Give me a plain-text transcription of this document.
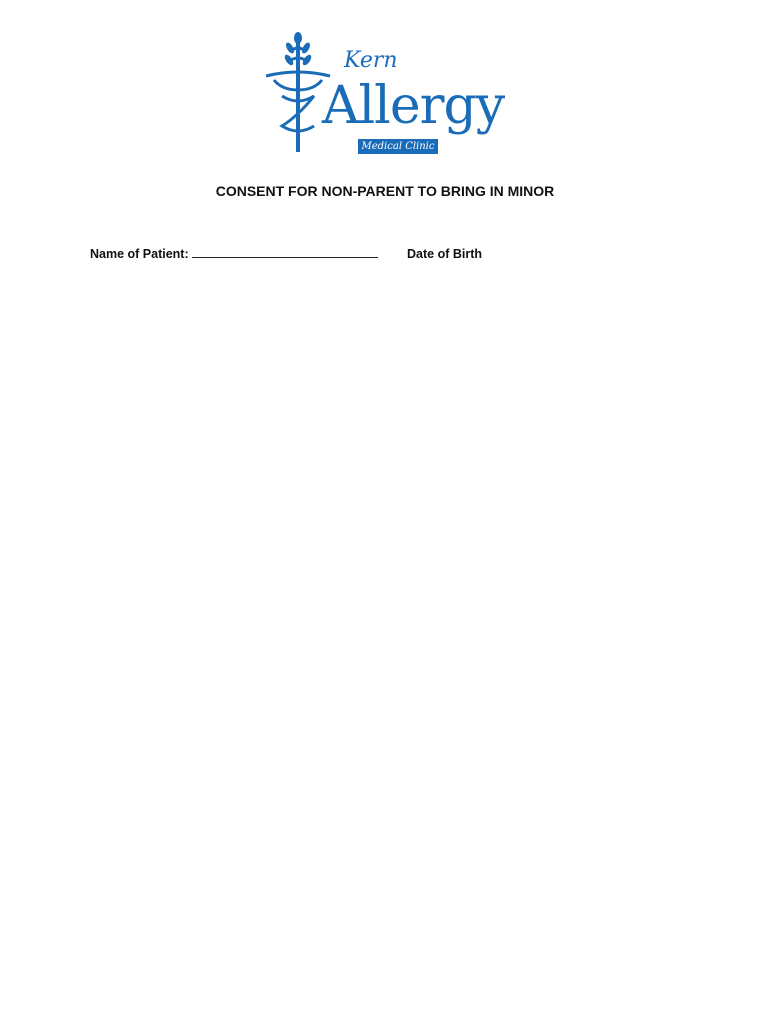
Kern
Allergy
Medical Clinic
CONSENT FOR NON-PARENT TO BRING IN MINOR
Name of Patient:	Date of Birth
